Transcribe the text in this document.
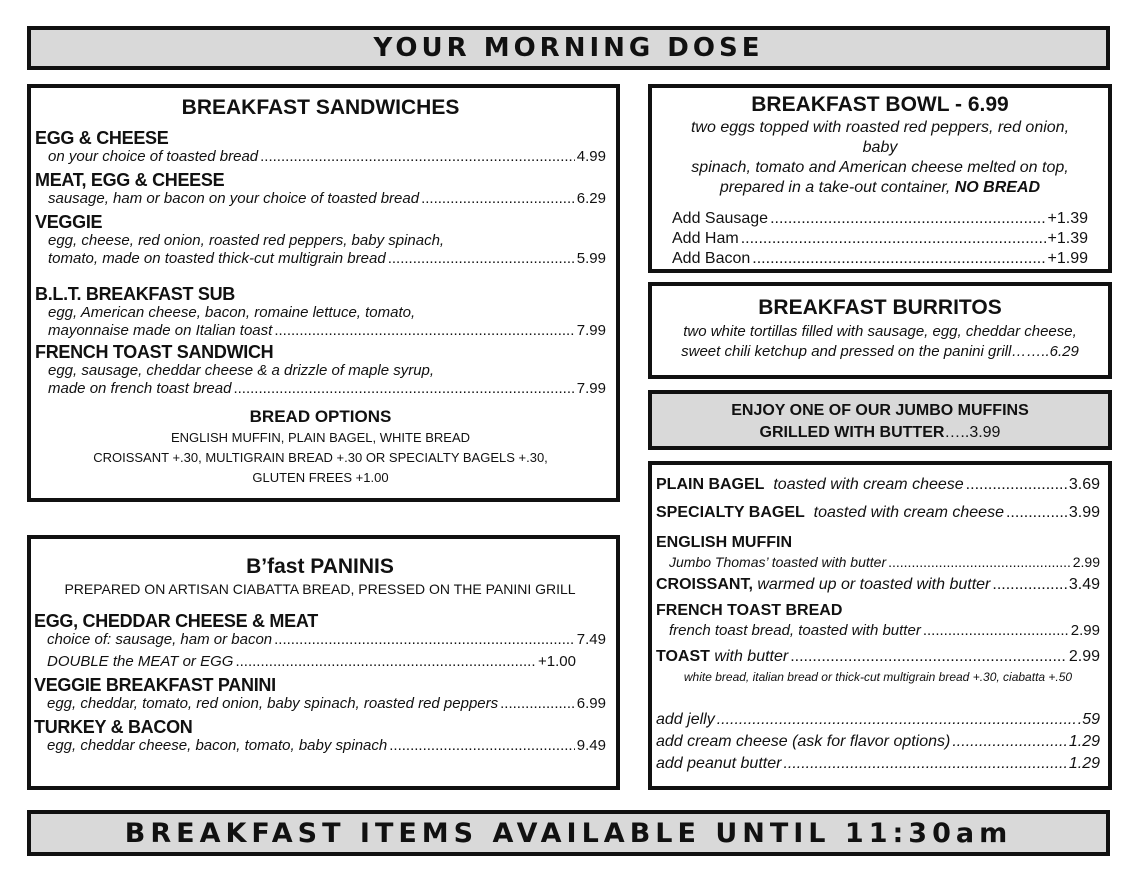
YOUR MORNING DOSE
BREAKFAST SANDWICHES
EGG & CHEESE
on your choice of toasted bread .....	4.99
MEAT, EGG & CHEESE
sausage, ham or bacon on your choice of toasted bread .....	6.29
VEGGIE
egg, cheese, red onion, roasted red peppers, baby spinach,
tomato, made on toasted thick-cut multigrain bread .....	5.99
B.L.T. BREAKFAST SUB
egg, American cheese, bacon, romaine lettuce, tomato,
mayonnaise made on Italian toast .....	7.99
FRENCH TOAST SANDWICH
egg, sausage, cheddar cheese & a drizzle of maple syrup,
made on french toast bread .....	7.99
BREAD OPTIONS
ENGLISH MUFFIN, PLAIN BAGEL, WHITE BREAD
CROISSANT +.30, MULTIGRAIN BREAD +.30 OR SPECIALTY BAGELS +.30,
GLUTEN FREES +1.00
B’fast PANINIS
PREPARED ON ARTISAN CIABATTA BREAD, PRESSED ON THE PANINI GRILL
EGG, CHEDDAR CHEESE & MEAT
choice of: sausage, ham or bacon .....	7.49
DOUBLE the MEAT or EGG .....	+1.00
VEGGIE BREAKFAST PANINI
egg, cheddar, tomato, red onion, baby spinach, roasted red peppers .....	6.99
TURKEY & BACON
egg, cheddar cheese, bacon, tomato, baby spinach .....	9.49
BREAKFAST BOWL - 6.99
two eggs topped with roasted red peppers, red onion, baby
spinach, tomato and American cheese melted on top,
prepared in a take-out container, NO BREAD
Add Sausage .....	+1.39
Add Ham .....	+1.39
Add Bacon .....	+1.99
BREAKFAST BURRITOS
two white tortillas filled with sausage, egg, cheddar cheese,
sweet chili ketchup and pressed on the panini grill……..6.29
ENJOY ONE OF OUR JUMBO MUFFINS
GRILLED WITH BUTTER…..3.99
PLAIN BAGEL
toasted with cream cheese .....	3.69
SPECIALTY BAGEL
toasted with cream cheese .....	3.99
ENGLISH MUFFIN
Jumbo Thomas’ toasted with butter .....	2.99
CROISSANT,
warmed up or toasted with butter .....	3.49
FRENCH TOAST BREAD
french toast bread, toasted with butter .....	2.99
TOAST
with butter .....	2.99
white bread, italian bread or thick-cut multigrain bread +.30, ciabatta +.50
add jelly .....	.59
add cream cheese (ask for flavor options) .....	1.29
add peanut butter .....	1.29
BREAKFAST ITEMS AVAILABLE UNTIL 11:30am
